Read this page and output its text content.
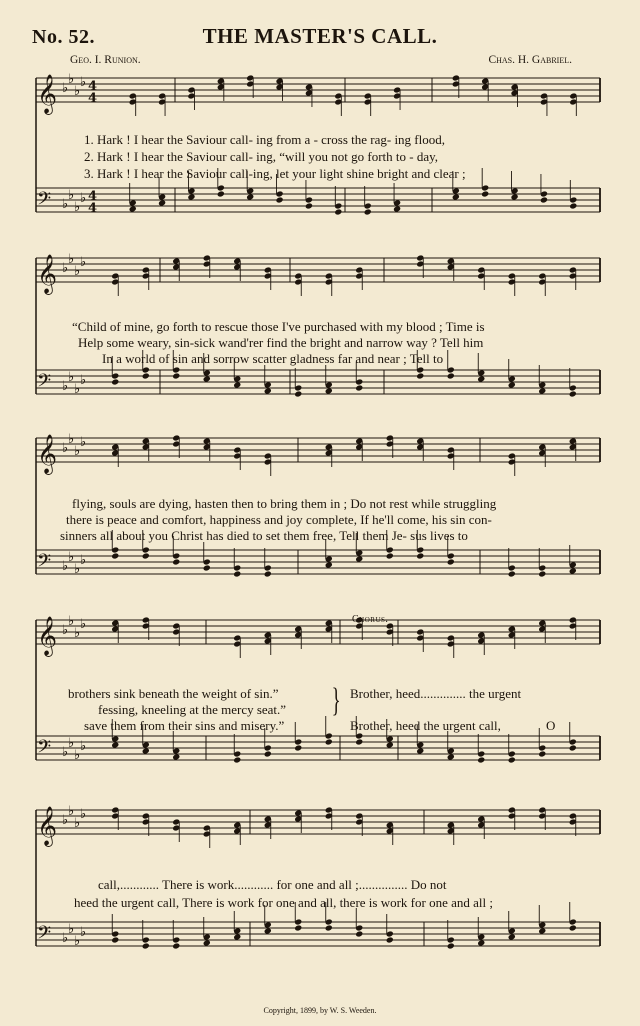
No. 52.	THE MASTER'S CALL.
Geo. I. Runion.	Chas. H. Gabriel.
𝄞 ♭
♭
♭
♭ 4
4
𝄢 ♭
♭
♭
♭ 4
4
𝄞 ♭
♭
♭
♭
𝄢 ♭
♭
♭
♭
𝄞 ♭
♭
♭
♭
𝄢 ♭
♭
♭
♭
𝄞 ♭
♭
♭
♭
𝄢 ♭
♭
♭
♭
𝄞 ♭
♭
♭
♭
𝄢 ♭
♭
♭
♭
1. Hark ! I hear the Saviour call- ing from a - cross the rag- ing flood,
2. Hark ! I hear the Saviour call- ing, “will you not go forth to - day,
3. Hark ! I hear the Saviour call-ing, let your light shine bright and clear ;
“Child of mine, go forth to rescue those I've purchased with my blood ; Time is
Help some weary, sin-sick wand'rer find the bright and narrow way ? Tell him
In a world of sin and sorrow scatter gladness far and near ; Tell to
flying, souls are dying, hasten then to bring them in ; Do not rest while struggling
there is peace and comfort, happiness and joy complete, If he'll come, his sin con-
sinners all about you Christ has died to set them free, Tell them Je- sus lives to
Chorus.
brothers sink beneath the weight of sin.”
fessing, kneeling at the mercy seat.”
save them from their sins and misery.”
} Brother, heed.............. the urgent
Brother, heed the urgent call,	O
call,............ There is work............ for one and all ;............... Do not
heed the urgent call, There is work for one and all, there is work for one and all ;
Copyright, 1899, by W. S. Weeden.
